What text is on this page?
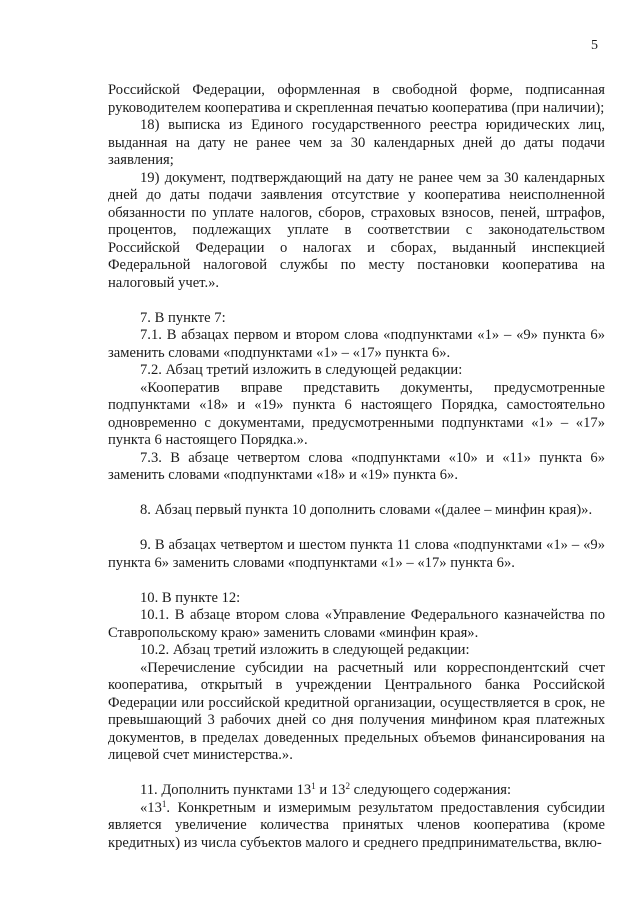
5

Российской Федерации, оформленная в свободной форме, подписанная руководителем кооператива и скрепленная печатью кооператива (при наличии);

18) выписка из Единого государственного реестра юридических лиц, выданная на дату не ранее чем за 30 календарных дней до даты подачи заявления;

19) документ, подтверждающий на дату не ранее чем за 30 календарных дней до даты подачи заявления отсутствие у кооператива неисполненной обязанности по уплате налогов, сборов, страховых взносов, пеней, штрафов, процентов, подлежащих уплате в соответствии с законодательством Российской Федерации о налогах и сборах, выданный инспекцией Федеральной налоговой службы по месту постановки кооператива на налоговый учет.».

7. В пункте 7:

7.1. В абзацах первом и втором слова «подпунктами «1» – «9» пункта 6» заменить словами «подпунктами «1» – «17» пункта 6».

7.2. Абзац третий изложить в следующей редакции:

«Кооператив вправе представить документы, предусмотренные подпунктами «18» и «19» пункта 6 настоящего Порядка, самостоятельно одновременно с документами, предусмотренными подпунктами «1» – «17» пункта 6 настоящего Порядка.».

7.3. В абзаце четвертом слова «подпунктами «10» и «11» пункта 6» заменить словами «подпунктами «18» и «19» пункта 6».

8. Абзац первый пункта 10 дополнить словами «(далее – минфин края)».

9. В абзацах четвертом и шестом пункта 11 слова «подпунктами «1» – «9» пункта 6» заменить словами «подпунктами «1» – «17» пункта 6».

10. В пункте 12:

10.1. В абзаце втором слова «Управление Федерального казначейства по Ставропольскому краю» заменить словами «минфин края».

10.2. Абзац третий изложить в следующей редакции:

«Перечисление субсидии на расчетный или корреспондентский счет кооператива, открытый в учреждении Центрального банка Российской Федерации или российской кредитной организации, осуществляется в срок, не превышающий 3 рабочих дней со дня получения минфином края платежных документов, в пределах доведенных предельных объемов финансирования на лицевой счет министерства.».

11. Дополнить пунктами $13^1$ и $13^2$ следующего содержания:

«$13^1$. Конкретным и измеримым результатом предоставления субсидии является увеличение количества принятых членов кооператива (кроме кредитных) из числа субъектов малого и среднего предпринимательства, вклю-
